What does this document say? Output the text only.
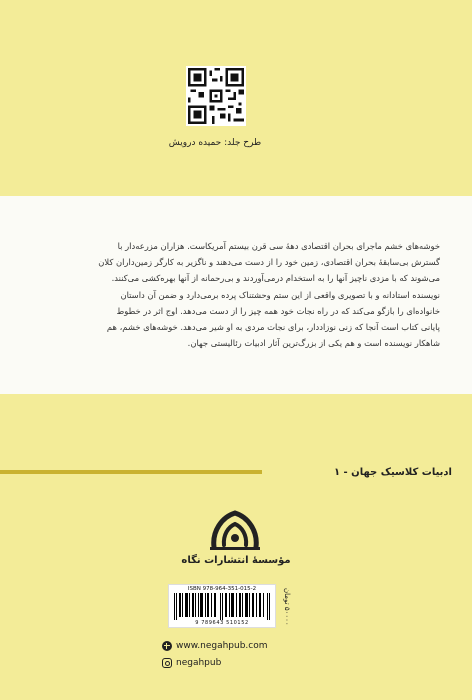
طرح جلد: حمیده درویش

خوشه‌های خشم ماجرای بحران اقتصادی دهۀ سی قرن بیستم آمریکاست. هزاران مزرعه‌دار با

گسترش بی‌سابقۀ بحران اقتصادی، زمین خود را از دست می‌دهند و ناگزیر به کارگر زمین‌داران کلان

می‌شوند که با مزدی ناچیز آنها را به استخدام درمی‌آوردند و بی‌رحمانه از آنها بهره‌کشی می‌کنند.

نویسنده استادانه و با تصویری واقعی از این ستم وحشتناک پرده برمی‌دارد و ضمن آن داستان

خانواده‌ای را بازگو می‌کند که در راه نجات خود همه چیز را از دست می‌دهد. اوج اثر در خطوط

پایانی کتاب است آنجا که زنی نوزاددار، برای نجات مردی به او شیر می‌دهد. خوشه‌های خشم، هم

شاهکار نویسنده است و هم یکی از بزرگ‌ترین آثار ادبیات رئالیستی جهان.

ادبیات کلاسیک جهان - ۱
مؤسسۀ انتشارات نگاه
ISBN 978-964-351-015-2
9 789643 510152
۵۰۰۰۰ تومان
www.negahpub.com
negahpub
